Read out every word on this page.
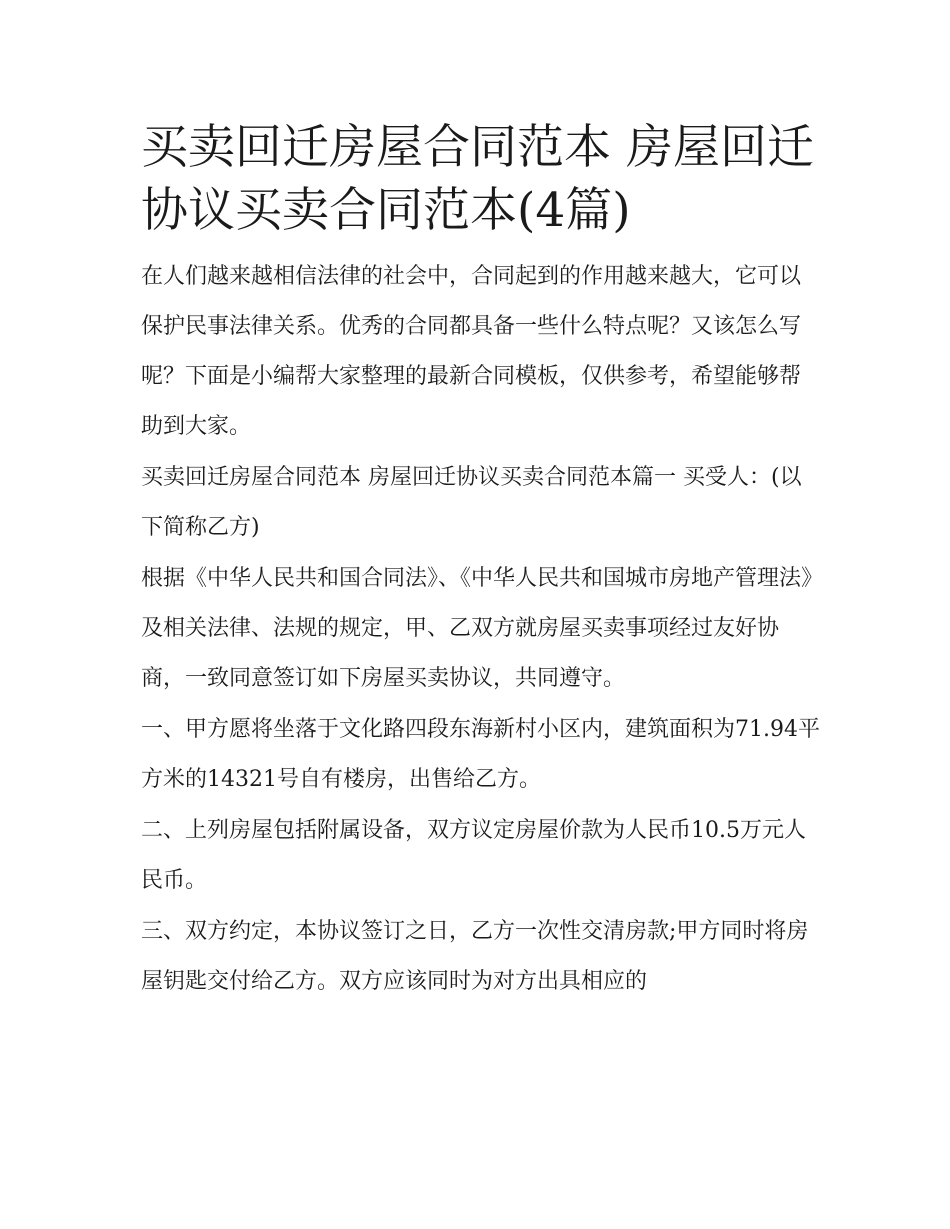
买卖回迁房屋合同范本 房屋回迁协议买卖合同范本(4篇)

在人们越来越相信法律的社会中，合同起到的作用越来越大，它可以保护民事法律关系。优秀的合同都具备一些什么特点呢？又该怎么写呢？下面是小编帮大家整理的最新合同模板，仅供参考，希望能够帮助到大家。

买卖回迁房屋合同范本 房屋回迁协议买卖合同范本篇一 买受人：(以下简称乙方)

根据《中华人民共和国合同法》、《中华人民共和国城市房地产管理法》及相关法律、法规的规定，甲、乙双方就房屋买卖事项经过友好协商，一致同意签订如下房屋买卖协议，共同遵守。

一、甲方愿将坐落于文化路四段东海新村小区内，建筑面积为71.94平方米的14321号自有楼房，出售给乙方。

二、上列房屋包括附属设备，双方议定房屋价款为人民币10.5万元人民币。

三、双方约定，本协议签订之日，乙方一次性交清房款;甲方同时将房屋钥匙交付给乙方。双方应该同时为对方出具相应的
